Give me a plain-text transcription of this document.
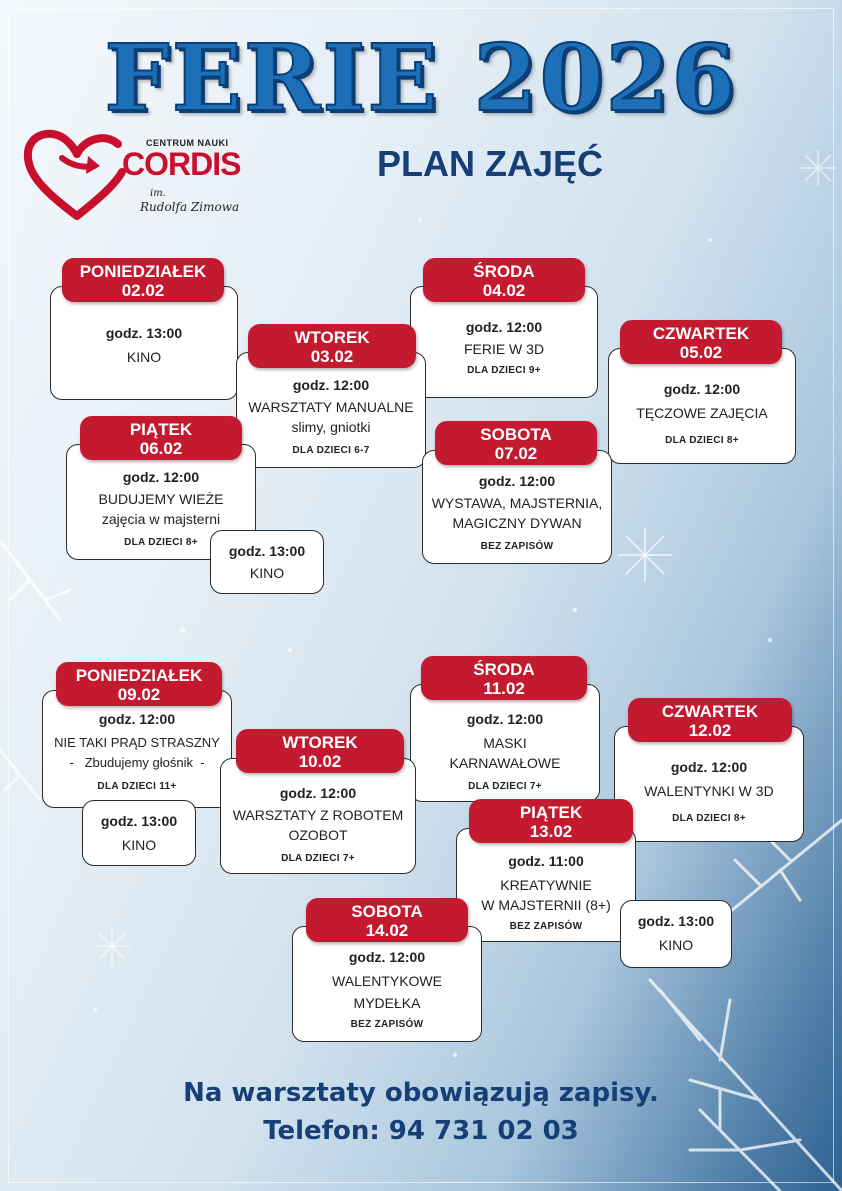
FERIE 2026
PLAN ZAJĘĆ
CENTRUM NAUKI
CORDIS
im.
Rudolfa Zimowa
godz. 13:00
KINO
PONIEDZIAŁEK
02.02
godz. 12:00
FERIE W 3D
DLA DZIECI 9+
ŚRODA
04.02
godz. 12:00
WARSZTATY MANUALNE
slimy, gniotki
DLA DZIECI 6-7
WTOREK
03.02
godz. 12:00
TĘCZOWE ZAJĘCIA
DLA DZIECI 8+
CZWARTEK
05.02
godz. 12:00
BUDUJEMY WIEŻE
zajęcia w majsterni
DLA DZIECI 8+
PIĄTEK
06.02
godz. 13:00
KINO
godz. 12:00
WYSTAWA, MAJSTERNIA,
MAGICZNY DYWAN
BEZ ZAPISÓW
SOBOTA
07.02
godz. 12:00
NIE TAKI PRĄD STRASZNY
-   Zbudujemy głośnik  -
DLA DZIECI 11+
PONIEDZIAŁEK
09.02
godz. 13:00
KINO
godz. 12:00
MASKI
KARNAWAŁOWE
DLA DZIECI 7+
ŚRODA
11.02
godz. 12:00
WARSZTATY Z ROBOTEM
OZOBOT
DLA DZIECI 7+
WTOREK
10.02	godz. 12:00
WALENTYNKI W 3D
DLA DZIECI 8+
CZWARTEK
12.02
godz. 11:00
KREATYWNIE
W MAJSTERNII (8+)
BEZ ZAPISÓW
PIĄTEK
13.02
godz. 13:00
KINO
godz. 12:00
WALENTYKOWE
MYDEŁKA
BEZ ZAPISÓW
SOBOTA
14.02
Na warsztaty obowiązują zapisy.
Telefon: 94 731 02 03
